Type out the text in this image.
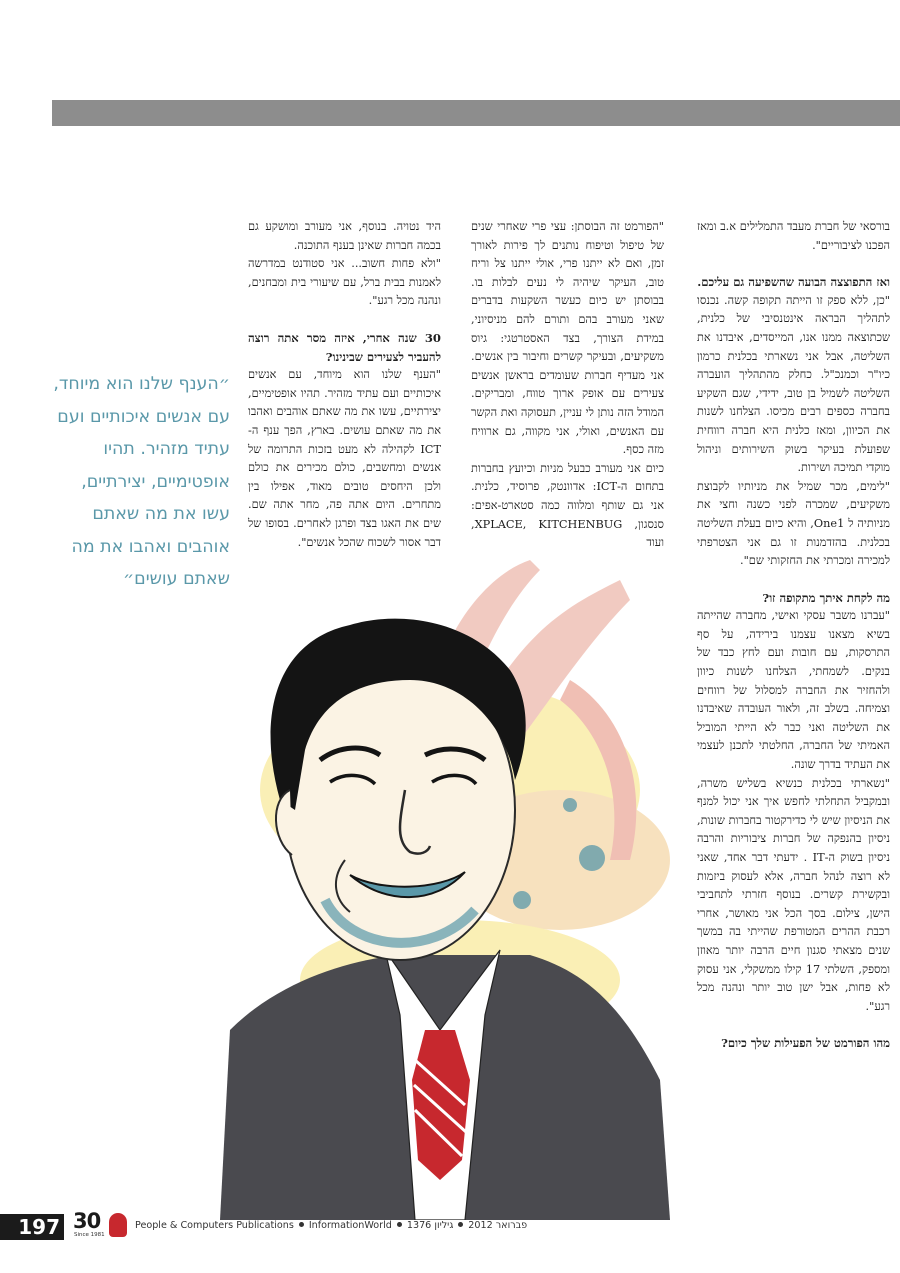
בורסאי של חברת מעבד התמלילים א.ב ומאז הפכנו לציבוריים".

ואז התפוצצה הבועה שהשפיעה גם עליכם.

"כן, ללא ספק זו הייתה תקופה קשה. נכנסו לתהליך הבראה אינטנסיבי של כלנית, שכתוצאה ממנו אנו, המייסדים, איבדנו את השליטה, אבל אני נשארתי בכלנית כרמון כיו"ר וכמנכ"ל. כחלק מהתהליך הועברה השליטה לשמיל בן טוב, ידידי, שגם השקיע בחברה כספים רבים מכיסו. הצלחנו לשנות את הכיוון, ומאז כלנית היא חברה רווחית שפועלת בעיקר בשוק השירותים וניהול מוקדי תמיכה ושירות.

"לימים, מכר שמיל את מניותיו לקבוצת משקיעים, שמכרה לפני כשנה וחצי את מניותיה ל One1, והיא כיום בעלת השליטה בכלנית. בהזדמנות זו גם אני הצטרפתי למכירה ומכרתי את החזקותי שם".

מה לקחת איתך מתקופה זו?

"עברנו משבר עסקי ואישי, מחברה שהייתה בשיא מצאנו עצמנו בירידה, על סף התרסקות, עם חובות ועם לחץ כבד של בנקים. לשמחתי, הצלחנו לשנות כיוון ולהחזיר את החברה למסלול של רווחים וצמיחה. בשלב זה, ולאור העובדה שאיבדנו את השליטה ואני כבר לא הייתי המוביל האמיתי של החברה, החלטתי לתכנן לעצמי את העתיד בדרך שונה.

"נשארתי בכלנית כנשיא בשליש משרה, ובמקביל התחלתי לחפש איך אני יכול למנף את הניסיון שיש לי כדירקטור בחברות שונות, ניסיון בהנפקה של חברות ציבוריות והרבה ניסיון בשוק ה-IT . ידעתי דבר אחד, שאני לא רוצה לנהל חברה, אלא לעסוק ביזמות ובקשירת קשרים. בנוסף חזרתי לתחביבי הישן, צילום. בסך הכל אני מאושר, אחרי רכבת ההרים המטורפת שהייתי בה במשך שנים מצאתי סגנון חיים הרבה יותר מאוזן ומספק, השלתי 17 קילו ממשקלי, אני עסוק לא פחות, אבל ישן טוב יותר ונהנה מכל רגע".

מהו הפורמט של הפעילות שלך כיום?

"הפורמט זה הבוסתן: עצי פרי שאחרי שנים של טיפול וטיפוח נותנים לך פירות לאורך זמן, ואם לא ייתנו פרי, אולי ייתנו צל וריח טוב, העיקר שיהיה לי נעים לבלות בו. בבוסתן יש כיום כעשר השקעות בדברים שאני מעורב בהם ותורם להם מניסיוני, במידת הצורך, בצד האסטרטגי: גיוס משקיעים, ובעיקר קשרים וחיבור בין אנשים. אני מעדיף חברות שעומדים בראשן אנשים צעירים עם אופק ארוך טווח, ומבריקים. המודל הזה נותן לי עניין, תעסוקה ואת הקשר עם האנשים, ואולי, אני מקווה, גם ארוויח מזה כסף.

כיום אני מעורב כבעל מניות וכיועץ בחברות בתחום ה-ICT: אדוונטק, פרוסיד, כלנית. אני גם שותף ומלווה כמה סטארט-אפים: סנסגון, XPLACE, KITCHENBUG, ועוד

היד נטויה. בנוסף, אני מעורב ומושקע גם בכמה חברות שאינן בענף התוכנה.

"ולא פחות חשוב... אני סטודנט במדרשה לאמנות בבית ברל, עם שיעורי בית ומבחנים, ונהנה מכל רגע".

30 שנה אחרי, איזה מסר אתה רוצה להעביר לצעירים שבינינו?

"הענף שלנו הוא מיוחד, עם אנשים איכותיים ועם עתיד מזהיר. תהיו אופטימיים, יצירתיים, עשו את מה שאתם אוהבים ואהבו את מה שאתם עושים. בארץ, הפך ענף ה-ICT לקהילה לא מעט בזכות התרומה של אנשים ומחשבים, כולם מכירים את כולם ולכן היחסים טובים מאוד, אפילו בין מתחרים. היום אתה פה, מחר אתה שם. שים את האגו בצד ופרגן לאחרים. בסופו של דבר אסור לשכוח שהכל אנשים".

״הענף שלנו הוא מיוחד, עם אנשים איכותיים ועם עתיד מזהיר. תהיו אופטימיים, יצירתיים, עשו את מה שאתם אוהבים ואהבו את מה שאתם עושים״
197 30
Since 1981
People & Computers Publications InformationWorld	פברואר 2012גיליון 1376
